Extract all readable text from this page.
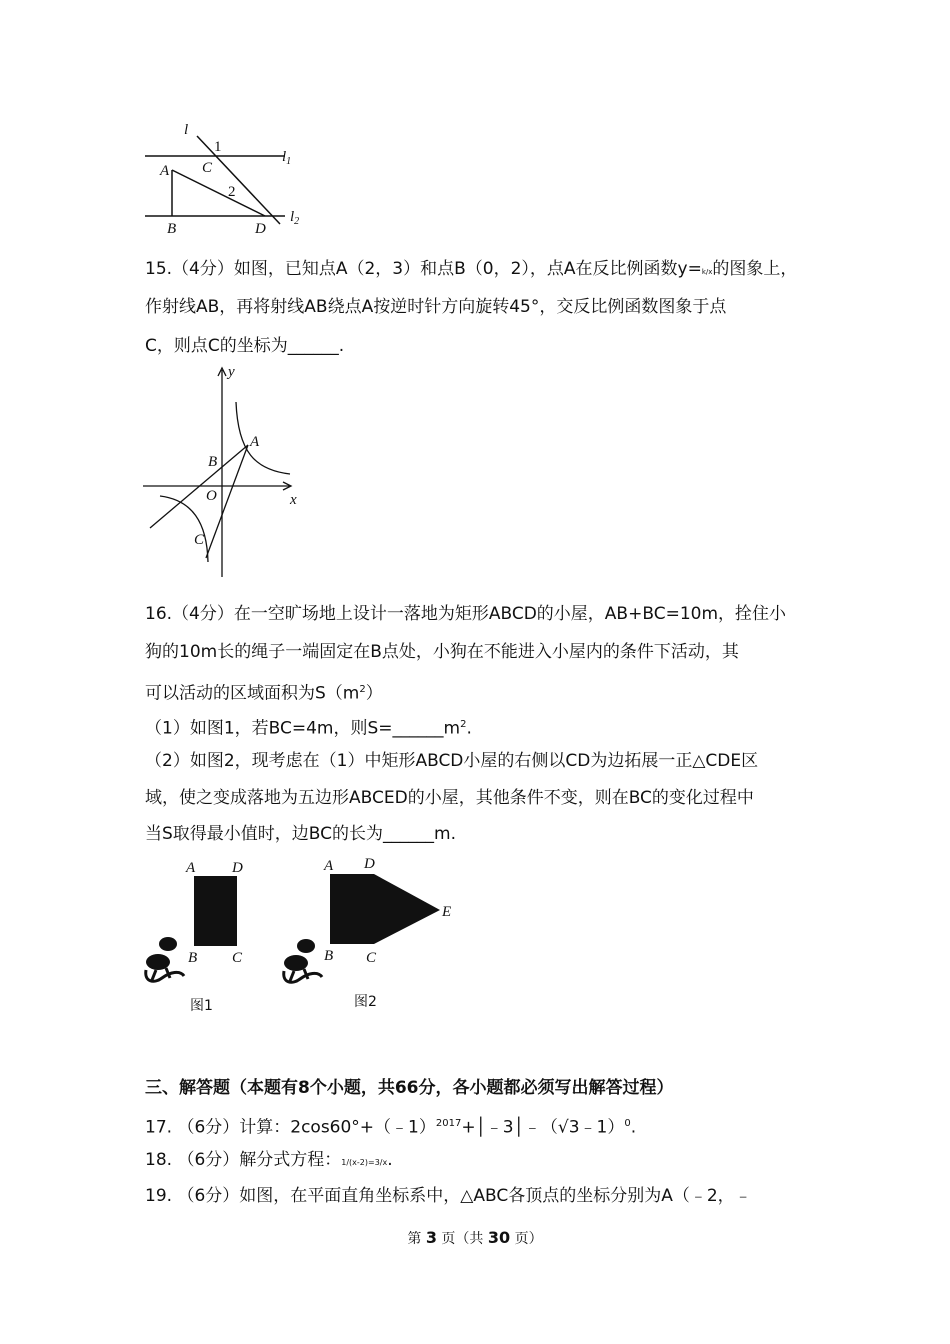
l
1
2
A C
B	D
$l_1$
$l_2$

15.（4分）如图，已知点A（2，3）和点B（0，2），点A在反比例函数y=k/x的图象上，

作射线AB，再将射线AB绕点A按逆时针方向旋转45°，交反比例函数图象于点

C，则点C的坐标为______.

y
x
O
A
B
C

16.（4分）在一空旷场地上设计一落地为矩形ABCD的小屋，AB+BC=10m，拴住小

狗的10m长的绳子一端固定在B点处，小狗在不能进入小屋内的条件下活动，其

可以活动的区域面积为$S(m^2)$

（1）如图1，若BC=4m，则$S=\_\_\_\_\_\_m^2$.

（2）如图2，现考虑在（1）中矩形ABCD小屋的右侧以CD为边拓展一正△CDE区

域，使之变成落地为五边形ABCED的小屋，其他条件不变，则在BC的变化过程中

当S取得最小值时，边BC的长为______m.

A D
B C
图1
A D
B C
E
图2

三、解答题（本题有8个小题，共66分，各小题都必须写出解答过程）

17. （6分）计算：2cos60°+（﹣1）$^{2017}$+│﹣3│﹣（√3﹣1）$^0$.

18. （6分）解分式方程：1/(x-2)=3/x.

19. （6分）如图，在平面直角坐标系中，△ABC各顶点的坐标分别为A（﹣2，﹣

第 3 页（共 30 页）
